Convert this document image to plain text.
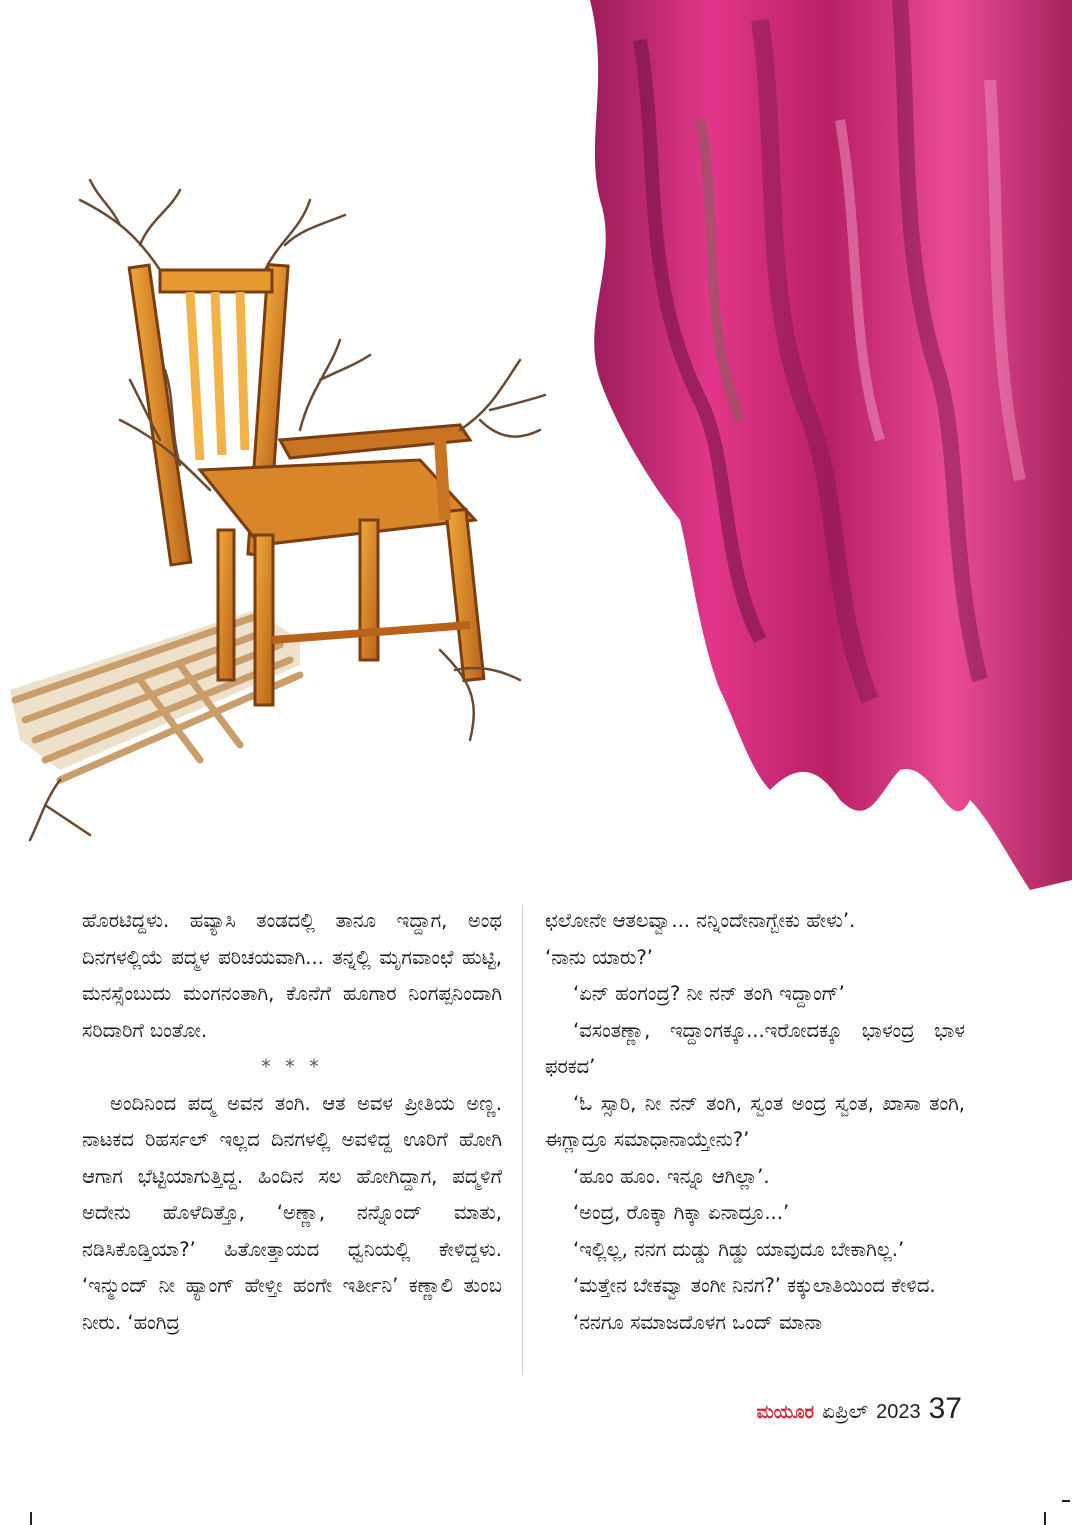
ಹೊರಟಿದ್ದಳು. ಹವ್ಯಾಸಿ ತಂಡದಲ್ಲಿ ತಾನೂ ಇದ್ದಾಗ, ಅಂಥ ದಿನಗಳಲ್ಲಿಯೆ ಪದ್ಮಳ ಪರಿಚಯವಾಗಿ... ತನ್ನಲ್ಲಿ ಮೃಗವಾಂಛೆ ಹುಟ್ಟಿ, ಮನಸ್ಸೆಂಬುದು ಮಂಗನಂತಾಗಿ, ಕೊನೆಗೆ ಹೂಗಾರ ನಿಂಗಪ್ಪನಿಂದಾಗಿ ಸರಿದಾರಿಗೆ ಬಂತೋ.

* * *

ಅಂದಿನಿಂದ ಪದ್ಮ ಅವನ ತಂಗಿ. ಆತ ಅವಳ ಪ್ರೀತಿಯ ಅಣ್ಣ. ನಾಟಕದ ರಿಹರ್ಸಲ್ ಇಲ್ಲದ ದಿನಗಳಲ್ಲಿ ಅವಳಿದ್ದ ಊರಿಗೆ ಹೋಗಿ ಆಗಾಗ ಭೆಟ್ಟಿಯಾಗುತ್ತಿದ್ದ. ಹಿಂದಿನ ಸಲ ಹೋಗಿದ್ದಾಗ, ಪದ್ಮಳಿಗೆ ಅದೇನು ಹೊಳೆದಿತ್ತೊ, ‘ಅಣ್ಣಾ, ನನ್ನೊಂದ್ ಮಾತು, ನಡಿಸಿಕೊಡ್ತಿಯಾ?’ ಹಿತೋತ್ತಾಯದ ಧ್ವನಿಯಲ್ಲಿ ಕೇಳಿದ್ದಳು. ‘ಇನ್ಮುಂದ್ ನೀ ಹ್ಯಾಂಗ್ ಹೇಳ್ತೀ ಹಂಗೇ ಇರ್ತೀನಿ’ ಕಣ್ಣಾಲಿ ತುಂಬ ನೀರು. ‘ಹಂಗಿದ್ರ

ಛಲೋನೇ ಆತಲವ್ವಾ... ನನ್ನಿಂದೇನಾಗ್ಬೇಕು ಹೇಳು’.

‘ನಾನು ಯಾರು?’

‘ಏನ್ ಹಂಗಂದ್ರ? ನೀ ನನ್ ತಂಗಿ ಇದ್ದಾಂಗ್’

‘ವಸಂತಣ್ಣಾ, ಇದ್ದಾಂಗಕ್ಕೂ...ಇರೋದಕ್ಕೂ ಭಾಳಂದ್ರ ಭಾಳ ಫರಕದ’

‘ಓ ಸ್ಸಾರಿ, ನೀ ನನ್ ತಂಗಿ, ಸ್ವಂತ ಅಂದ್ರ ಸ್ವಂತ, ಖಾಸಾ ತಂಗಿ, ಈಗ್ಲಾದ್ರೂ ಸಮಾಧಾನಾಯ್ತೇನು?’

‘ಹೂಂ ಹೂಂ. ಇನ್ನೂ ಆಗಿಲ್ಲಾ’.

‘ಅಂದ್ರ, ರೊಕ್ಕಾ ಗಿಕ್ಕಾ ಏನಾದ್ರೂ...’

‘ಇಲ್ಲಿಲ್ಲ, ನನಗ ದುಡ್ಡು ಗಿಡ್ಡು ಯಾವುದೂ ಬೇಕಾಗಿಲ್ಲ.’

‘ಮತ್ತೇನ ಬೇಕವ್ವಾ ತಂಗೀ ನಿನಗ?’ ಕಕ್ಕುಲಾತಿಯಿಂದ ಕೇಳಿದ.

‘ನನಗೂ ಸಮಾಜದೊಳಗ ಒಂದ್ ಮಾನಾ

ಮಯೂರ ಏಪ್ರಿಲ್ 2023 37
